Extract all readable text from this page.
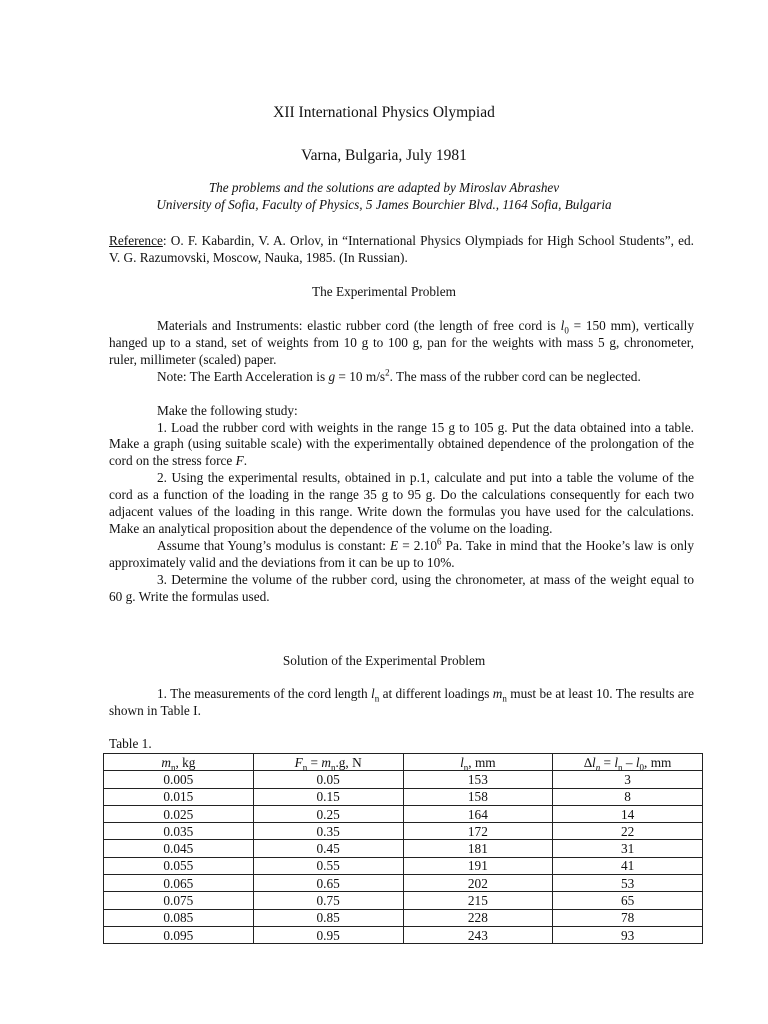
XII International Physics Olympiad
Varna, Bulgaria, July 1981
The problems and the solutions are adapted by Miroslav Abrashev
University of Sofia, Faculty of Physics, 5 James Bourchier Blvd., 1164 Sofia, Bulgaria
Reference: O. F. Kabardin, V. A. Orlov, in “International Physics Olympiads for High School Students”, ed. V. G. Razumovski, Moscow, Nauka, 1985. (In Russian).
The Experimental Problem
Materials and Instruments: elastic rubber cord (the length of free cord is $l_0 = 150$ mm), vertically hanged up to a stand, set of weights from 10 g to 100 g, pan for the weights with mass 5 g, chronometer, ruler, millimeter (scaled) paper.
Note: The Earth Acceleration is g = 10 $m/s^2$. The mass of the rubber cord can be neglected.
Make the following study:
1. Load the rubber cord with weights in the range 15 g to 105 g. Put the data obtained into a table. Make a graph (using suitable scale) with the experimentally obtained dependence of the prolongation of the cord on the stress force F.
2. Using the experimental results, obtained in p.1, calculate and put into a table the volume of the cord as a function of the loading in the range 35 g to 95 g. Do the calculations consequently for each two adjacent values of the loading in this range. Write down the formulas you have used for the calculations. Make an analytical proposition about the dependence of the volume on the loading.
Assume that Young’s modulus is constant: $E = 2.10^6$ Pa. Take in mind that the Hooke’s law is only approximately valid and the deviations from it can be up to 10%.
3. Determine the volume of the rubber cord, using the chronometer, at mass of the weight equal to 60 g. Write the formulas used.
Solution of the Experimental Problem
1. The measurements of the cord length $l_n$ at different loadings $m_n$ must be at least 10. The results are shown in Table I.
Table 1.
$m_n$, kg	$F_n = m_n.g$, N	$l_n$, mm	$\Delta l_n = l_n - l_0$, mm
0.005	0.05	153	3
0.015	0.15	158	8
0.025	0.25	164	14
0.035	0.35	172	22
0.045	0.45	181	31
0.055	0.55	191	41
0.065	0.65	202	53
0.075	0.75	215	65
0.085	0.85	228	78
0.095	0.95	243	93
